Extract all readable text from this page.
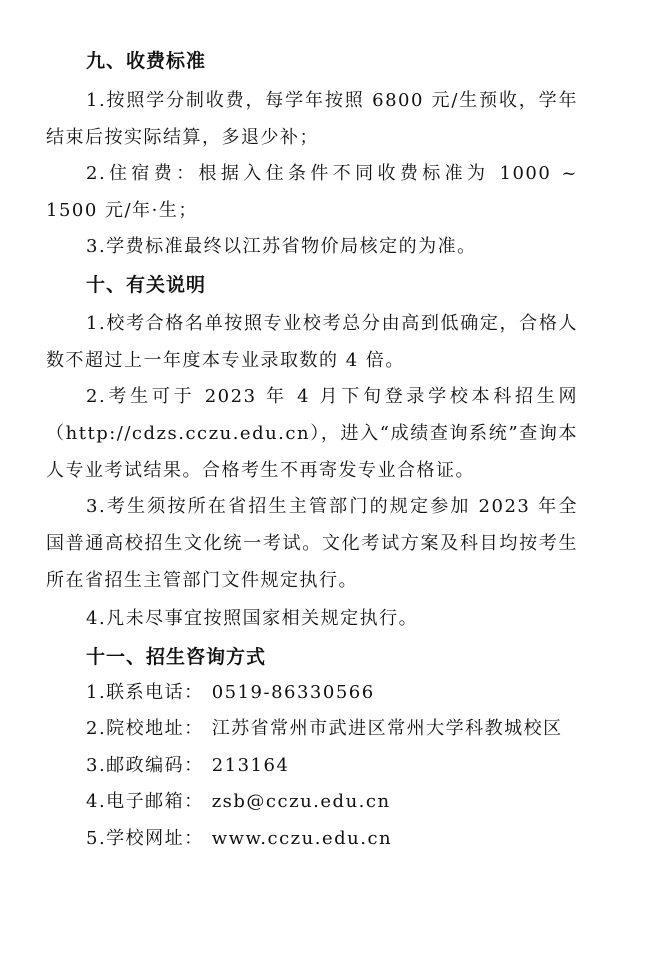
九、收费标准
1.按照学分制收费，每学年按照 6800 元/生预收，学年结束后按实际结算，多退少补；
2.住宿费：根据入住条件不同收费标准为 1000 ~ 1500 元/年·生；
3.学费标准最终以江苏省物价局核定的为准。
十、有关说明
1.校考合格名单按照专业校考总分由高到低确定，合格人数不超过上一年度本专业录取数的 4 倍。
2.考生可于 2023 年 4 月下旬登录学校本科招生网（http://cdzs.cczu.edu.cn），进入“成绩查询系统”查询本人专业考试结果。合格考生不再寄发专业合格证。
3.考生须按所在省招生主管部门的规定参加 2023 年全国普通高校招生文化统一考试。文化考试方案及科目均按考生所在省招生主管部门文件规定执行。
4.凡未尽事宜按照国家相关规定执行。
十一、招生咨询方式
1.联系电话： 0519-86330566
2.院校地址： 江苏省常州市武进区常州大学科教城校区
3.邮政编码： 213164
4.电子邮箱： zsb@cczu.edu.cn
5.学校网址： www.cczu.edu.cn
